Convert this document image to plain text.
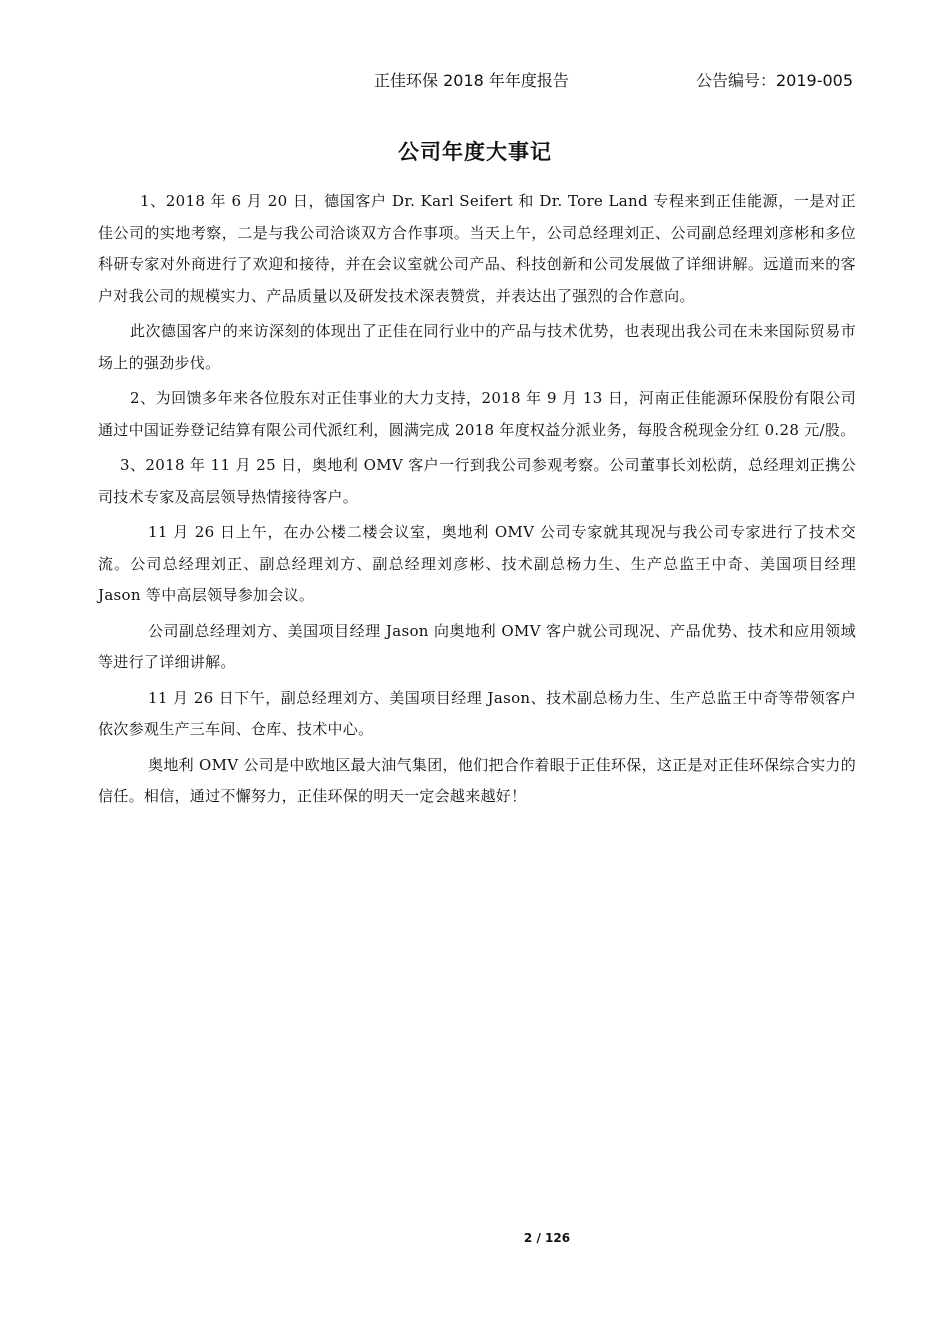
正佳环保 2018 年年度报告	公告编号：2019-005
公司年度大事记

1、2018 年 6 月 20 日，德国客户 Dr. Karl Seifert 和 Dr. Tore Land 专程来到正佳能源，一是对正佳公司的实地考察，二是与我公司洽谈双方合作事项。当天上午，公司总经理刘正、公司副总经理刘彦彬和多位科研专家对外商进行了欢迎和接待，并在会议室就公司产品、科技创新和公司发展做了详细讲解。远道而来的客户对我公司的规模实力、产品质量以及研发技术深表赞赏，并表达出了强烈的合作意向。

此次德国客户的来访深刻的体现出了正佳在同行业中的产品与技术优势，也表现出我公司在未来国际贸易市场上的强劲步伐。

2、为回馈多年来各位股东对正佳事业的大力支持，2018 年 9 月 13 日，河南正佳能源环保股份有限公司通过中国证券登记结算有限公司代派红利，圆满完成 2018 年度权益分派业务，每股含税现金分红 0.28 元/股。

3、2018 年 11 月 25 日，奥地利 OMV 客户一行到我公司参观考察。公司董事长刘松荫，总经理刘正携公司技术专家及高层领导热情接待客户。

11 月 26 日上午，在办公楼二楼会议室，奥地利 OMV 公司专家就其现况与我公司专家进行了技术交流。公司总经理刘正、副总经理刘方、副总经理刘彦彬、技术副总杨力生、生产总监王中奇、美国项目经理 Jason 等中高层领导参加会议。

公司副总经理刘方、美国项目经理 Jason 向奥地利 OMV 客户就公司现况、产品优势、技术和应用领域等进行了详细讲解。

11 月 26 日下午，副总经理刘方、美国项目经理 Jason、技术副总杨力生、生产总监王中奇等带领客户依次参观生产三车间、仓库、技术中心。

奥地利 OMV 公司是中欧地区最大油气集团，他们把合作着眼于正佳环保，这正是对正佳环保综合实力的信任。相信，通过不懈努力，正佳环保的明天一定会越来越好！

2 / 126
